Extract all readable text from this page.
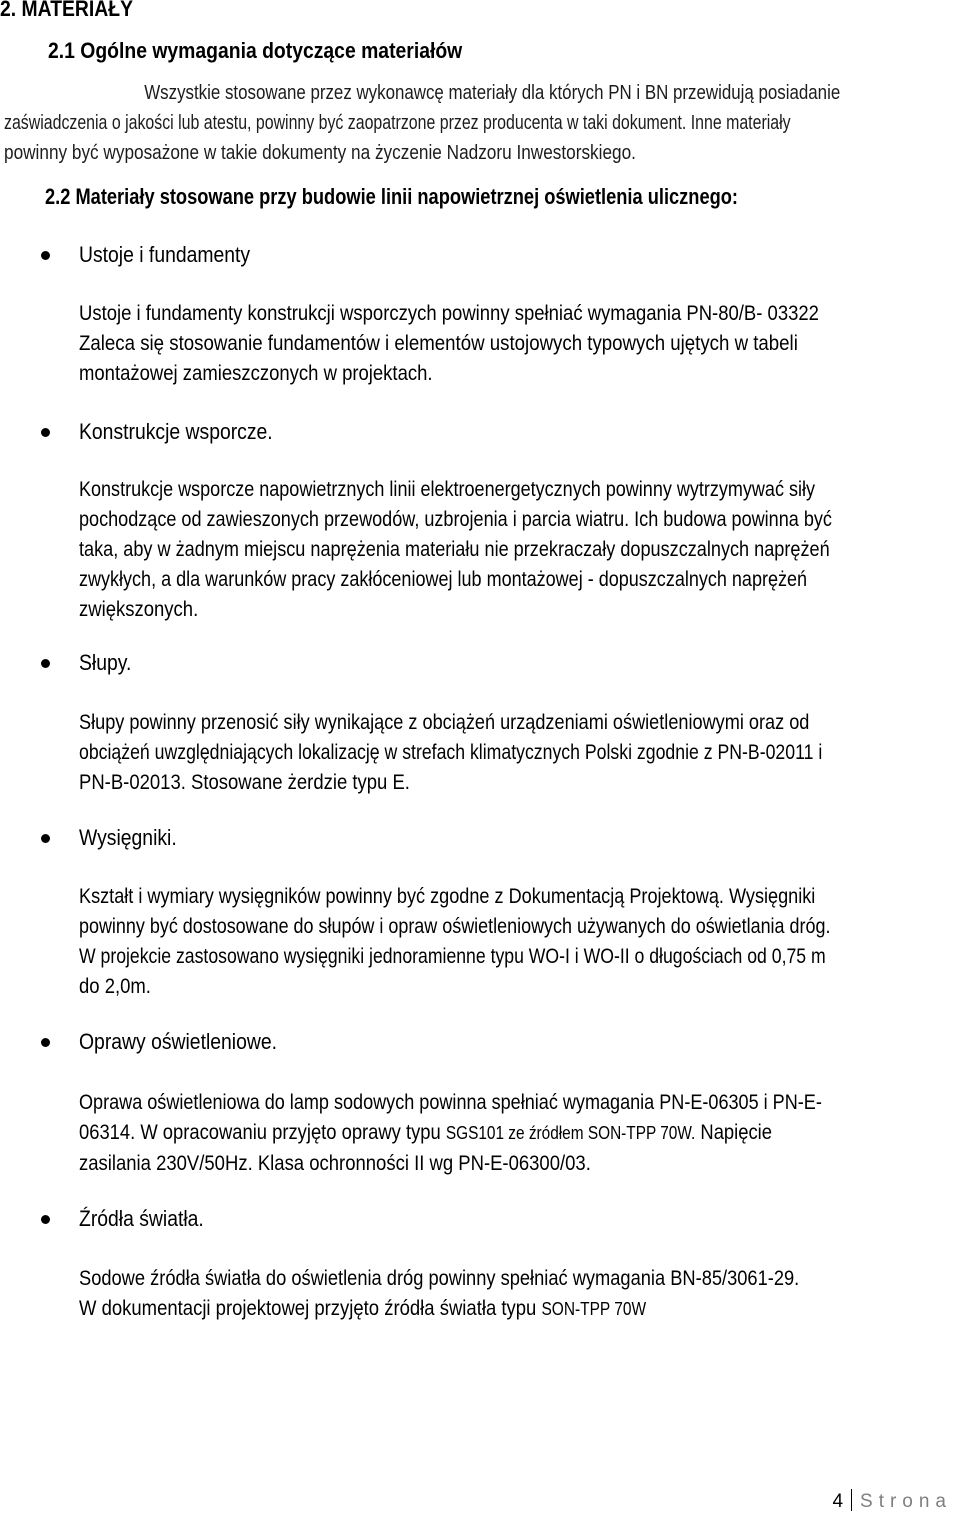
2. MATERIAŁY
2.1 Ogólne wymagania dotyczące materiałów
Wszystkie stosowane przez wykonawcę materiały dla których PN i BN przewidują posiadanie
zaświadczenia o jakości lub atestu, powinny być zaopatrzone przez producenta w taki dokument. Inne materiały
powinny być wyposażone w takie dokumenty na życzenie Nadzoru Inwestorskiego.
2.2 Materiały stosowane przy budowie linii napowietrznej oświetlenia ulicznego:
Ustoje i fundamenty
Ustoje i fundamenty konstrukcji wsporczych powinny spełniać wymagania PN-80/B- 03322
Zaleca się stosowanie fundamentów i elementów ustojowych typowych ujętych w tabeli
montażowej zamieszczonych w projektach.
Konstrukcje wsporcze.
Konstrukcje wsporcze napowietrznych linii elektroenergetycznych powinny wytrzymywać siły
pochodzące od zawieszonych przewodów, uzbrojenia i parcia wiatru. Ich budowa powinna być
taka, aby w żadnym miejscu naprężenia materiału nie przekraczały dopuszczalnych naprężeń
zwykłych, a dla warunków pracy zakłóceniowej lub montażowej - dopuszczalnych naprężeń
zwiększonych.
Słupy.
Słupy powinny przenosić siły wynikające z obciążeń urządzeniami oświetleniowymi oraz od
obciążeń uwzględniających lokalizację w strefach klimatycznych Polski zgodnie z PN-B-02011 i
PN-B-02013. Stosowane żerdzie typu E.
Wysięgniki.
Kształt i wymiary wysięgników powinny być zgodne z Dokumentacją Projektową. Wysięgniki
powinny być dostosowane do słupów i opraw oświetleniowych używanych do oświetlania dróg.
W projekcie zastosowano wysięgniki jednoramienne typu WO-I i WO-II o długościach od 0,75 m
do 2,0m.
Oprawy oświetleniowe.
Oprawa oświetleniowa do lamp sodowych powinna spełniać wymagania PN-E-06305 i PN-E-
06314. W opracowaniu przyjęto oprawy typu SGS101 ze źródłem SON-TPP 70W. Napięcie
zasilania 230V/50Hz. Klasa ochronności II wg PN-E-06300/03.
Źródła światła.
Sodowe źródła światła do oświetlenia dróg powinny spełniać wymagania BN-85/3061-29.
W dokumentacji projektowej przyjęto źródła światła typu SON-TPP 70W
4 Strona
